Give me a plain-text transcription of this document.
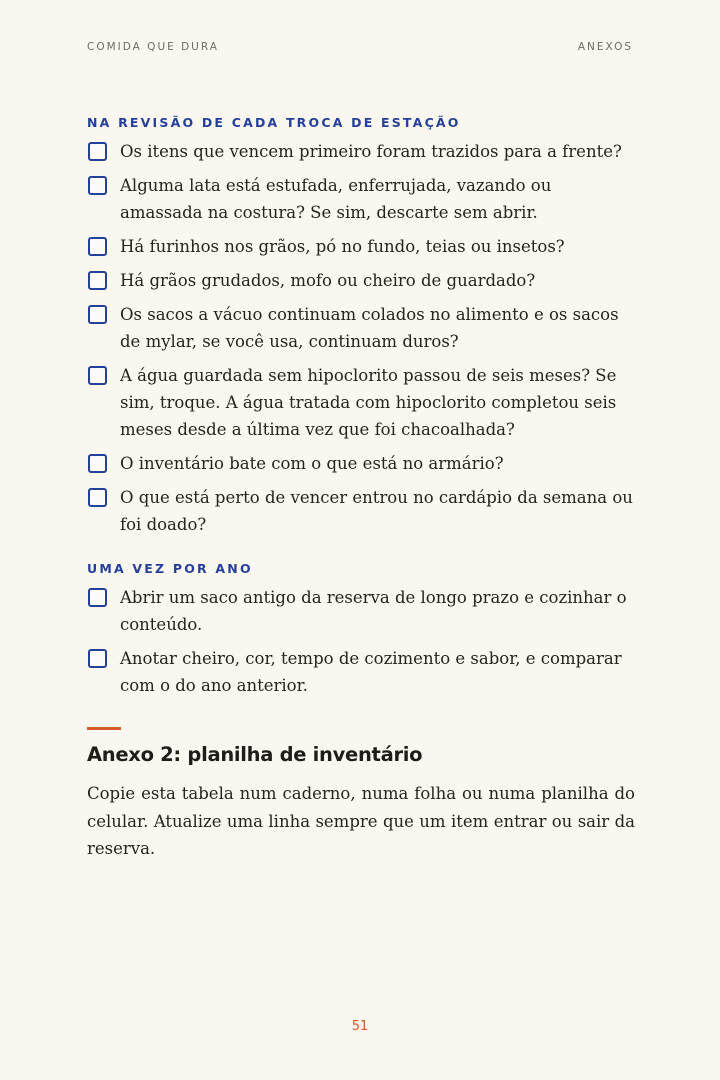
COMIDA QUE DURA	ANEXOS
NA REVISÃO DE CADA TROCA DE ESTAÇÃO
Os itens que vencem primeiro foram trazidos para a frente?
Alguma lata está estufada, enferrujada, vazando ou amassada na costura? Se sim, descarte sem abrir.
Há furinhos nos grãos, pó no fundo, teias ou insetos?
Há grãos grudados, mofo ou cheiro de guardado?
Os sacos a vácuo continuam colados no alimento e os sacos de mylar, se você usa, continuam duros?
A água guardada sem hipoclorito passou de seis meses? Se sim, troque. A água tratada com hipoclorito completou seis meses desde a última vez que foi chacoalhada?
O inventário bate com o que está no armário?
O que está perto de vencer entrou no cardápio da semana ou foi doado?
UMA VEZ POR ANO
Abrir um saco antigo da reserva de longo prazo e cozinhar o conteúdo.
Anotar cheiro, cor, tempo de cozimento e sabor, e comparar com o do ano anterior.
Anexo 2: planilha de inventário

Copie esta tabela num caderno, numa folha ou numa planilha do celular. Atualize uma linha sempre que um item entrar ou sair da reserva.

51
